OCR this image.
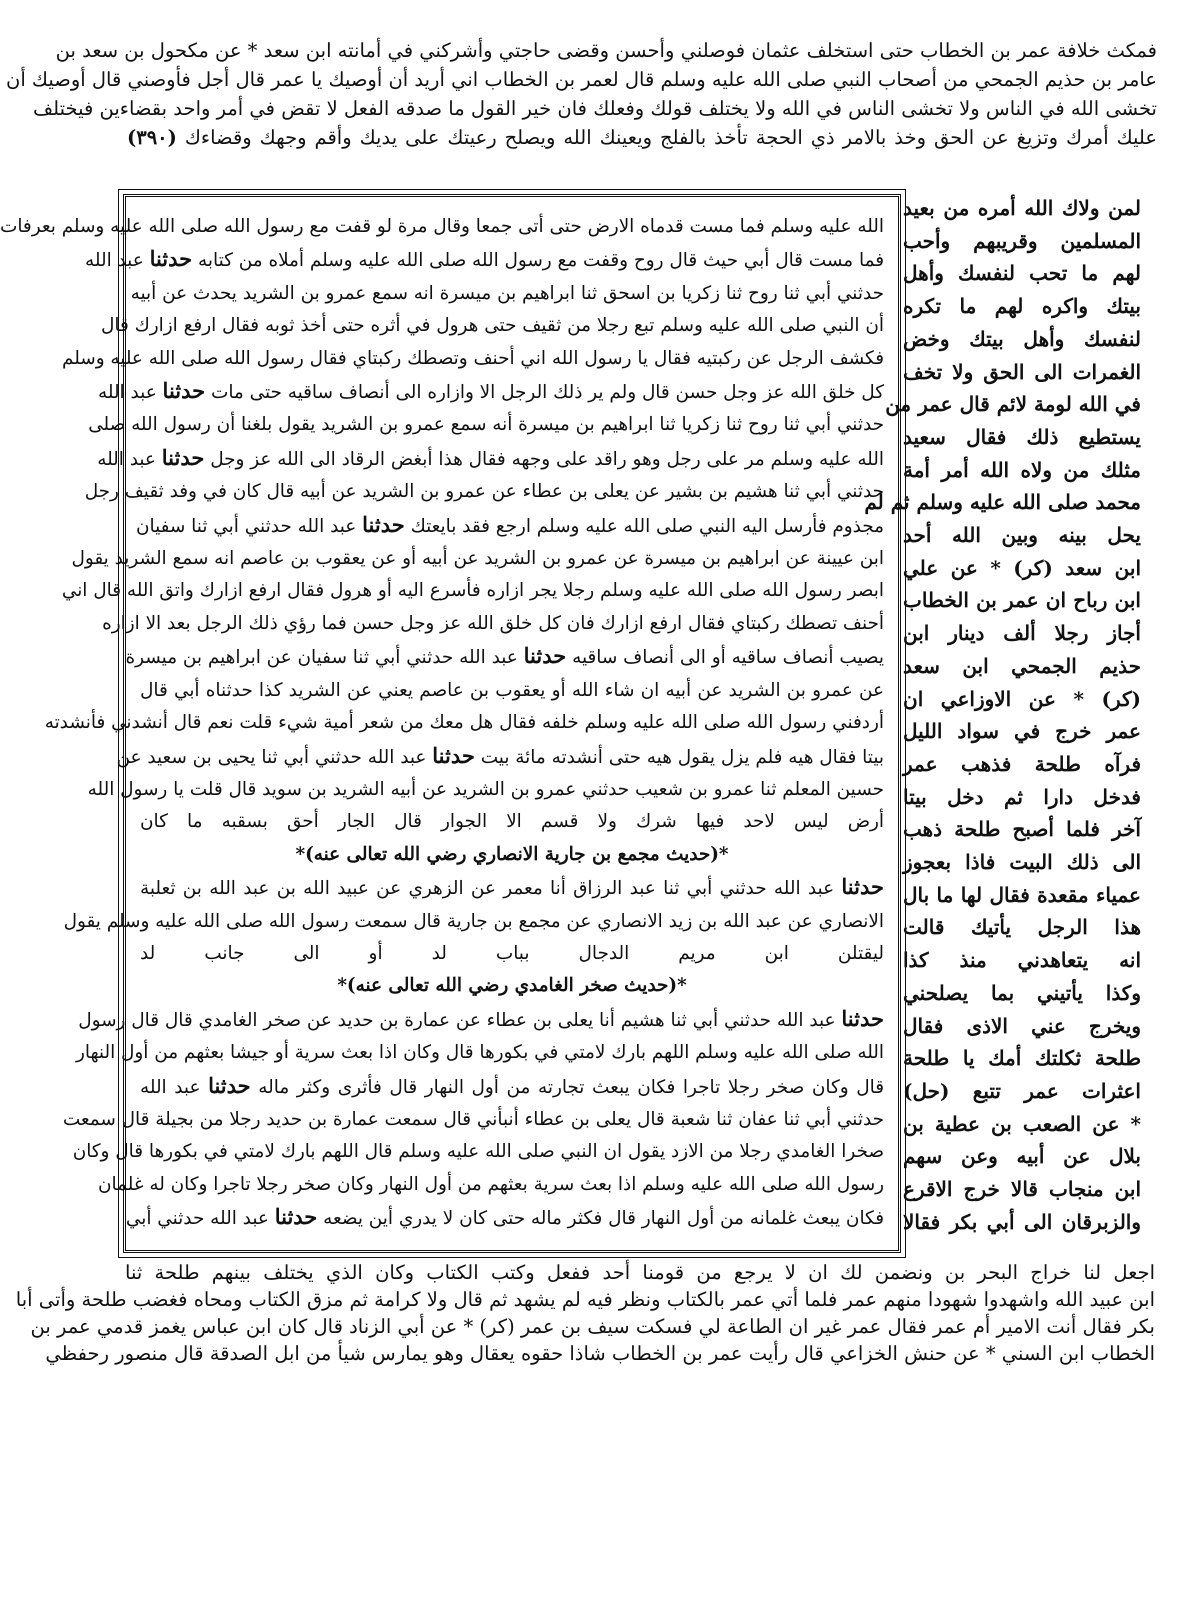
فمكث خلافة عمر بن الخطاب حتى استخلف عثمان فوصلني وأحسن وقضى حاجتي وأشركني في أمانته ابن سعد * عن مكحول بن سعد بن

عامر بن حذيم الجمحي من أصحاب النبي صلى الله عليه وسلم قال لعمر بن الخطاب اني أريد أن أوصيك يا عمر قال أجل فأوصني قال أوصيك أن

تخشى الله في الناس ولا تخشى الناس في الله ولا يختلف قولك وفعلك فان خير القول ما صدقه الفعل لا تقض في أمر واحد بقضاءين فيختلف

عليك أمرك وتزيغ عن الحق وخذ بالامر ذي الحجة تأخذ بالفلج ويعينك الله ويصلح رعيتك على يديك وأقم وجهك وقضاءك (٣٩٠)

لمن ولاك الله أمره من بعيد

المسلمين وقريبهم وأحب

لهم ما تحب لنفسك وأهل

بيتك واكره لهم ما تكره

لنفسك وأهل بيتك وخض

الغمرات الى الحق ولا تخف

في الله لومة لائم قال عمر من

يستطيع ذلك فقال سعيد

مثلك من ولاه الله أمر أمة

محمد صلى الله عليه وسلم ثم لم

يحل بينه وبين الله أحد

ابن سعد (كر) * عن علي

ابن رباح ان عمر بن الخطاب

أجاز رجلا ألف دينار ابن

حذيم الجمحي ابن سعد

(كر) * عن الاوزاعي ان

عمر خرج في سواد الليل

فرآه طلحة فذهب عمر

فدخل دارا ثم دخل بيتا

آخر فلما أصبح طلحة ذهب

الى ذلك البيت فاذا بعجوز

عمياء مقعدة فقال لها ما بال

هذا الرجل يأتيك قالت

انه يتعاهدني منذ كذا

وكذا يأتيني بما يصلحني

ويخرج عني الاذى فقال

طلحة ثكلتك أمك يا طلحة

اعثرات عمر تتبع (حل)

* عن الصعب بن عطية بن

بلال عن أبيه وعن سهم

ابن منجاب قالا خرج الاقرع

والزبرقان الى أبي بكر فقالا

الله عليه وسلم فما مست قدماه الارض حتى أتى جمعا وقال مرة لو قفت مع رسول الله صلى الله عليه وسلم بعرفات

فما مست قال أبي حيث قال روح وقفت مع رسول الله صلى الله عليه وسلم أملاه من كتابه حدثنا عبد الله

حدثني أبي ثنا روح ثنا زكريا بن اسحق ثنا ابراهيم بن ميسرة انه سمع عمرو بن الشريد يحدث عن أبيه

أن النبي صلى الله عليه وسلم تبع رجلا من ثقيف حتى هرول في أثره حتى أخذ ثوبه فقال ارفع ازارك قال

فكشف الرجل عن ركبتيه فقال يا رسول الله اني أحنف وتصطك ركبتاي فقال رسول الله صلى الله عليه وسلم

كل خلق الله عز وجل حسن قال ولم ير ذلك الرجل الا وازاره الى أنصاف ساقيه حتى مات حدثنا عبد الله

حدثني أبي ثنا روح ثنا زكريا ثنا ابراهيم بن ميسرة أنه سمع عمرو بن الشريد يقول بلغنا أن رسول الله صلى

الله عليه وسلم مر على رجل وهو راقد على وجهه فقال هذا أبغض الرقاد الى الله عز وجل حدثنا عبد الله

حدثني أبي ثنا هشيم بن بشير عن يعلى بن عطاء عن عمرو بن الشريد عن أبيه قال كان في وفد ثقيف رجل

مجذوم فأرسل اليه النبي صلى الله عليه وسلم ارجع فقد بايعتك حدثنا عبد الله حدثني أبي ثنا سفيان

ابن عيينة عن ابراهيم بن ميسرة عن عمرو بن الشريد عن أبيه أو عن يعقوب بن عاصم انه سمع الشريد يقول

ابصر رسول الله صلى الله عليه وسلم رجلا يجر ازاره فأسرع اليه أو هرول فقال ارفع ازارك واتق الله قال اني

أحنف تصطك ركبتاي فقال ارفع ازارك فان كل خلق الله عز وجل حسن فما رؤي ذلك الرجل بعد الا ازاره

يصيب أنصاف ساقيه أو الى أنصاف ساقيه حدثنا عبد الله حدثني أبي ثنا سفيان عن ابراهيم بن ميسرة

عن عمرو بن الشريد عن أبيه ان شاء الله أو يعقوب بن عاصم يعني عن الشريد كذا حدثناه أبي قال

أردفني رسول الله صلى الله عليه وسلم خلفه فقال هل معك من شعر أمية شيء قلت نعم قال أنشدني فأنشدته

بيتا فقال هيه فلم يزل يقول هيه حتى أنشدته مائة بيت حدثنا عبد الله حدثني أبي ثنا يحيى بن سعيد عن

حسين المعلم ثنا عمرو بن شعيب حدثني عمرو بن الشريد عن أبيه الشريد بن سويد قال قلت يا رسول الله

أرض ليس لاحد فيها شرك ولا قسم الا الجوار قال الجار أحق بسقبه ما كان

*(حديث مجمع بن جارية الانصاري رضي الله تعالى عنه)*

حدثنا عبد الله حدثني أبي ثنا عبد الرزاق أنا معمر عن الزهري عن عبيد الله بن عبد الله بن ثعلبة

الانصاري عن عبد الله بن زيد الانصاري عن مجمع بن جارية قال سمعت رسول الله صلى الله عليه وسلم يقول

ليقتلن ابن مريم الدجال بباب لد أو الى جانب لد

*(حديث صخر الغامدي رضي الله تعالى عنه)*

حدثنا عبد الله حدثني أبي ثنا هشيم أنا يعلى بن عطاء عن عمارة بن حديد عن صخر الغامدي قال قال رسول

الله صلى الله عليه وسلم اللهم بارك لامتي في بكورها قال وكان اذا بعث سرية أو جيشا بعثهم من أول النهار

قال وكان صخر رجلا تاجرا فكان يبعث تجارته من أول النهار قال فأثرى وكثر ماله حدثنا عبد الله

حدثني أبي ثنا عفان ثنا شعبة قال يعلى بن عطاء أنبأني قال سمعت عمارة بن حديد رجلا من بجيلة قال سمعت

صخرا الغامدي رجلا من الازد يقول ان النبي صلى الله عليه وسلم قال اللهم بارك لامتي في بكورها قال وكان

رسول الله صلى الله عليه وسلم اذا بعث سرية بعثهم من أول النهار وكان صخر رجلا تاجرا وكان له غلمان

فكان يبعث غلمانه من أول النهار قال فكثر ماله حتى كان لا يدري أين يضعه حدثنا عبد الله حدثني أبي

اجعل لنا خراج البحر بن ونضمن لك ان لا يرجع من قومنا أحد ففعل وكتب الكتاب وكان الذي يختلف بينهم طلحة ثنا

ابن عبيد الله واشهدوا شهودا منهم عمر فلما أتي عمر بالكتاب ونظر فيه لم يشهد ثم قال ولا كرامة ثم مزق الكتاب ومحاه فغضب طلحة وأتى أبا

بكر فقال أنت الامير أم عمر فقال عمر غير ان الطاعة لي فسكت سيف بن عمر (كر) * عن أبي الزناد قال كان ابن عباس يغمز قدمي عمر بن

الخطاب ابن السني * عن حنش الخزاعي قال رأيت عمر بن الخطاب شاذا حقوه يعقال وهو يمارس شيأ من ابل الصدقة قال منصور رحفظي
